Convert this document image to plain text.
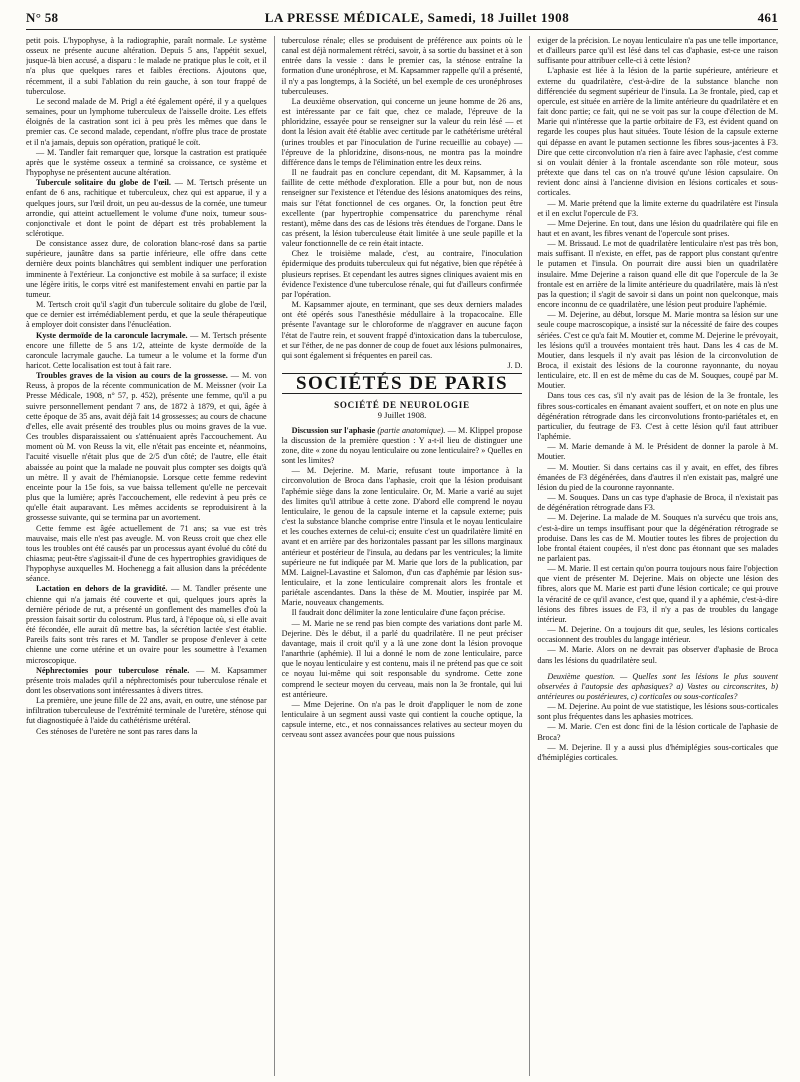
N° 58	LA PRESSE MÉDICALE, Samedi, 18 Juillet 1908	461

petit pois. L'hypophyse, à la radiographie, paraît normale. Le système osseux ne présente aucune altération. Depuis 5 ans, l'appétit sexuel, jusque-là bien accusé, a disparu : le malade ne pratique plus le coït, et il n'a plus que quelques rares et faibles érections. Ajoutons que, récemment, il a subi l'ablation du rein gauche, à son tour frappé de tuberculose.

Le second malade de M. Prigl a été également opéré, il y a quelques semaines, pour un lymphome tuberculeux de l'aisselle droite. Les effets éloignés de la castration sont ici à peu près les mêmes que dans le premier cas. Ce second malade, cependant, n'offre plus trace de prostate et il n'a jamais, depuis son opération, pratiqué le coït.

— M. Tandler fait remarquer que, lorsque la castration est pratiquée après que le système osseux a terminé sa croissance, ce système et l'hypophyse ne présentent aucune altération.

Tubercule solitaire du globe de l'œil. — M. Tertsch présente un enfant de 6 ans, rachitique et tuberculeux, chez qui est apparue, il y a quelques jours, sur l'œil droit, un peu au-dessus de la cornée, une tumeur arrondie, qui atteint actuellement le volume d'une noix, tumeur sous-conjonctivale et dont le point de départ est très probablement la sclérotique.

De consistance assez dure, de coloration blanc-rosé dans sa partie supérieure, jaunâtre dans sa partie inférieure, elle offre dans cette dernière deux points blanchâtres qui semblent indiquer une perforation imminente à l'extérieur. La conjonctive est mobile à sa surface; il existe une légère iritis, le corps vitré est manifestement envahi en partie par la tumeur.

M. Tertsch croit qu'il s'agit d'un tubercule solitaire du globe de l'œil, que ce dernier est irrémédiablement perdu, et que la seule thérapeutique à employer doit consister dans l'énucléation.

Kyste dermoïde de la caroncule lacrymale. — M. Tertsch présente encore une fillette de 5 ans 1/2, atteinte de kyste dermoïde de la caroncule lacrymale gauche. La tumeur a le volume et la forme d'un haricot. Cette localisation est tout à fait rare.

Troubles graves de la vision au cours de la grossesse. — M. von Reuss, à propos de la récente communication de M. Meissner (voir La Presse Médicale, 1908, n° 57, p. 452), présente une femme, qu'il a pu suivre personnellement pendant 7 ans, de 1872 à 1879, et qui, âgée à cette époque de 35 ans, avait déjà fait 14 grossesses; au cours de chacune d'elles, elle avait présenté des troubles plus ou moins graves de la vue. Ces troubles disparaissaient ou s'atténuaient après l'accouchement. Au moment où M. von Reuss la vit, elle n'était pas enceinte et, néanmoins, l'acuité visuelle n'était plus que de 2/5 d'un côté; de l'autre, elle était abaissée au point que la malade ne pouvait plus compter ses doigts qu'à un mètre. Il y avait de l'hémianopsie. Lorsque cette femme redevint enceinte pour la 15e fois, sa vue baissa tellement qu'elle ne percevait plus que la lumière; après l'accouchement, elle redevint à peu près ce qu'elle était auparavant. Les mêmes accidents se reproduisirent à la grossesse suivante, qui se termina par un avortement.

Cette femme est âgée actuellement de 71 ans; sa vue est très mauvaise, mais elle n'est pas aveugle. M. von Reuss croit que chez elle tous les troubles ont été causés par un processus ayant évolué du côté du chiasma; peut-être s'agissait-il d'une de ces hypertrophies gravidiques de l'hypophyse auxquelles M. Hochenegg a fait allusion dans la précédente séance.

Lactation en dehors de la gravidité. — M. Tandler présente une chienne qui n'a jamais été couverte et qui, quelques jours après la dernière période de rut, a présenté un gonflement des mamelles d'où la pression faisait sortir du colostrum. Plus tard, à l'époque où, si elle avait été fécondée, elle aurait dû mettre bas, la sécrétion lactée s'est établie. Pareils faits sont très rares et M. Tandler se propose d'enlever à cette chienne une corne utérine et un ovaire pour les soumettre à l'examen microscopique.

Néphrectomies pour tuberculose rénale. — M. Kapsammer présente trois malades qu'il a néphrectomisés pour tuberculose rénale et dont les observations sont intéressantes à divers titres.

La première, une jeune fille de 22 ans, avait, en outre, une sténose par infiltration tuberculeuse de l'extrémité terminale de l'uretère, sténose qui fut diagnostiquée à l'aide du cathétérisme urétéral.

Ces sténoses de l'uretère ne sont pas rares dans la

tuberculose rénale; elles se produisent de préférence aux points où le canal est déjà normalement rétréci, savoir, à sa sortie du bassinet et à son entrée dans la vessie : dans le premier cas, la sténose entraîne la formation d'une uronéphrose, et M. Kapsammer rappelle qu'il a présenté, il n'y a pas longtemps, à la Société, un bel exemple de ces uronéphroses tuberculeuses.

La deuxième observation, qui concerne un jeune homme de 26 ans, est intéressante par ce fait que, chez ce malade, l'épreuve de la phloridzine, essayée pour se renseigner sur la valeur du rein lésé — et dont la lésion avait été établie avec certitude par le cathétérisme urétéral (urines troubles et par l'inoculation de l'urine recueillie au cobaye) — l'épreuve de la phloridzine, disons-nous, ne montra pas la moindre différence dans le temps de l'élimination entre les deux reins.

Il ne faudrait pas en conclure cependant, dit M. Kapsammer, à la faillite de cette méthode d'exploration. Elle a pour but, non de nous renseigner sur l'existence et l'étendue des lésions anatomiques des reins, mais sur l'état fonctionnel de ces organes. Or, la fonction peut être excellente (par hypertrophie compensatrice du parenchyme rénal restant), même dans des cas de lésions très étendues de l'organe. Dans le cas présent, la lésion tuberculeuse était limitée à une seule papille et la valeur fonctionnelle de ce rein était intacte.

Chez le troisième malade, c'est, au contraire, l'inoculation épidermique des produits tuberculeux qui fut négative, bien que répétée à plusieurs reprises. Et cependant les autres signes cliniques avaient mis en évidence l'existence d'une tuberculose rénale, qui fut d'ailleurs confirmée par l'opération.

M. Kapsammer ajoute, en terminant, que ses deux derniers malades ont été opérés sous l'anesthésie médullaire à la tropacocaïne. Elle présente l'avantage sur le chloroforme de n'aggraver en aucune façon l'état de l'autre rein, et souvent frappé d'intoxication dans la tuberculose, et sur l'éther, de ne pas donner de coup de fouet aux lésions pulmonaires, qui sont également si fréquentes en pareil cas.

J. D.
SOCIÉTÉS DE PARIS
SOCIÉTÉ DE NEUROLOGIE
9 Juillet 1908.

Discussion sur l'aphasie (partie anatomique). — M. Klippel propose la discussion de la première question : Y a-t-il lieu de distinguer une zone, dite « zone du noyau lenticulaire ou zone lenticulaire? » Quelles en sont les limites?

— M. Dejerine. M. Marie, refusant toute importance à la circonvolution de Broca dans l'aphasie, croit que la lésion produisant l'aphémie siège dans la zone lenticulaire. Or, M. Marie a varié au sujet des limites qu'il attribue à cette zone. D'abord elle comprend le noyau lenticulaire, le genou de la capsule interne et la capsule externe; puis c'est la substance blanche comprise entre l'insula et le noyau lenticulaire et les couches externes de celui-ci; ensuite c'est un quadrilatère limité en avant et en arrière par des horizontales passant par les sillons marginaux antérieur et postérieur de l'insula, au dedans par les ventricules; la limite supérieure ne fut indiquée par M. Marie que lors de la publication, par MM. Laignel-Lavastine et Salomon, d'un cas d'aphémie par lésion sus-lenticulaire, et la zone lenticulaire comprenait alors les frontale et pariétale ascendantes. Dans la thèse de M. Moutier, inspirée par M. Marie, nouveaux changements.

Il faudrait donc délimiter la zone lenticulaire d'une façon précise.

— M. Marie ne se rend pas bien compte des variations dont parle M. Dejerine. Dès le début, il a parlé du quadrilatère. Il ne peut préciser davantage, mais il croit qu'il y a là une zone dont la lésion provoque l'anarthrie (aphémie). Il lui a donné le nom de zone lenticulaire, parce que le noyau lenticulaire y est contenu, mais il ne prétend pas que ce soit ce noyau lui-même qui soit responsable du syndrome. Cette zone comprend le secteur moyen du cerveau, mais non la 3e frontale, qui lui est antérieure.

— Mme Dejerine. On n'a pas le droit d'appliquer le nom de zone lenticulaire à un segment aussi vaste qui contient la couche optique, la capsule interne, etc., et nos connaissances relatives au secteur moyen du cerveau sont assez avancées pour que nous puissions

exiger de la précision. Le noyau lenticulaire n'a pas une telle importance, et d'ailleurs parce qu'il est lésé dans tel cas d'aphasie, est-ce une raison suffisante pour attribuer celle-ci à cette lésion?

L'aphasie est liée à la lésion de la partie supérieure, antérieure et externe du quadrilatère, c'est-à-dire de la substance blanche non différenciée du segment supérieur de l'insula. La 3e frontale, pied, cap et opercule, est située en arrière de la limite antérieure du quadrilatère et en fait donc partie; ce fait, qui ne se voit pas sur la coupe d'élection de M. Marie qui n'intéresse que la partie orbitaire de F3, est évident quand on regarde les coupes plus haut situées. Toute lésion de la capsule externe qui dépasse en avant le putamen sectionne les fibres sous-jacentes à F3. Dire que cette circonvolution n'a rien à faire avec l'aphasie, c'est comme si on voulait dénier à la frontale ascendante son rôle moteur, sous prétexte que dans tel cas on n'a trouvé qu'une lésion capsulaire. On revient donc ainsi à l'ancienne division en lésions corticales et sous-corticales.

— M. Marie prétend que la limite externe du quadrilatère est l'insula et il en exclut l'opercule de F3.

— Mme Dejerine. En tout, dans une lésion du quadrilatère qui file en haut et en avant, les fibres venant de l'opercule sont prises.

— M. Brissaud. Le mot de quadrilatère lenticulaire n'est pas très bon, mais suffisant. Il n'existe, en effet, pas de rapport plus constant qu'entre le putamen et l'insula. On pourrait dire aussi bien un quadrilatère insulaire. Mme Dejerine a raison quand elle dit que l'opercule de la 3e frontale est en arrière de la limite antérieure du quadrilatère, mais là n'est pas la question; il s'agit de savoir si dans un point non quelconque, mais encore inconnu de ce quadrilatère, une lésion peut produire l'aphémie.

— M. Dejerine, au début, lorsque M. Marie montra sa lésion sur une seule coupe macroscopique, a insisté sur la nécessité de faire des coupes sériées. C'est ce qu'a fait M. Moutier et, comme M. Dejerine le prévoyait, les lésions qu'il a trouvées montaient très haut. Dans les 4 cas de M. Moutier, dans lesquels il n'y avait pas lésion de la circonvolution de Broca, il existait des lésions de la couronne rayonnante, du noyau lenticulaire, etc. Il en est de même du cas de M. Souques, coupé par M. Moutier.

Dans tous ces cas, s'il n'y avait pas de lésion de la 3e frontale, les fibres sous-corticales en émanant avaient souffert, et on note en plus une dégénération rétrograde dans les circonvolutions fronto-pariétales et, en particulier, du feutrage de F3. C'est à cette lésion qu'il faut attribuer l'aphémie.

— M. Marie demande à M. le Président de donner la parole à M. Moutier.

— M. Moutier. Si dans certains cas il y avait, en effet, des fibres émanées de F3 dégénérées, dans d'autres il n'en existait pas, malgré une lésion du pied de la couronne rayonnante.

— M. Souques. Dans un cas type d'aphasie de Broca, il n'existait pas de dégénération rétrograde dans F3.

— M. Dejerine. La malade de M. Souques n'a survécu que trois ans, c'est-à-dire un temps insuffisant pour que la dégénération rétrograde se produise. Dans les cas de M. Moutier toutes les fibres de projection du lobe frontal étaient coupées, il n'est donc pas étonnant que ses malades ne parlaient pas.

— M. Marie. Il est certain qu'on pourra toujours nous faire l'objection que vient de présenter M. Dejerine. Mais on objecte une lésion des fibres, alors que M. Marie est parti d'une lésion corticale; ce qui prouve la véracité de ce qu'il avance, c'est que, quand il y a aphémie, c'est-à-dire lésions des fibres issues de F3, il n'y a pas de troubles du langage intérieur.

— M. Dejerine. On a toujours dit que, seules, les lésions corticales occasionnent des troubles du langage intérieur.

— M. Marie. Alors on ne devrait pas observer d'aphasie de Broca dans les lésions du quadrilatère seul.

Deuxième question. — Quelles sont les lésions le plus souvent observées à l'autopsie des aphasiques? a) Vastes ou circonscrites, b) antérieures ou postérieures, c) corticales ou sous-corticales?

— M. Dejerine. Au point de vue statistique, les lésions sous-corticales sont plus fréquentes dans les aphasies motrices.

— M. Marie. C'en est donc fini de la lésion corticale de l'aphasie de Broca?

— M. Dejerine. Il y a aussi plus d'hémiplégies sous-corticales que d'hémiplégies corticales.
